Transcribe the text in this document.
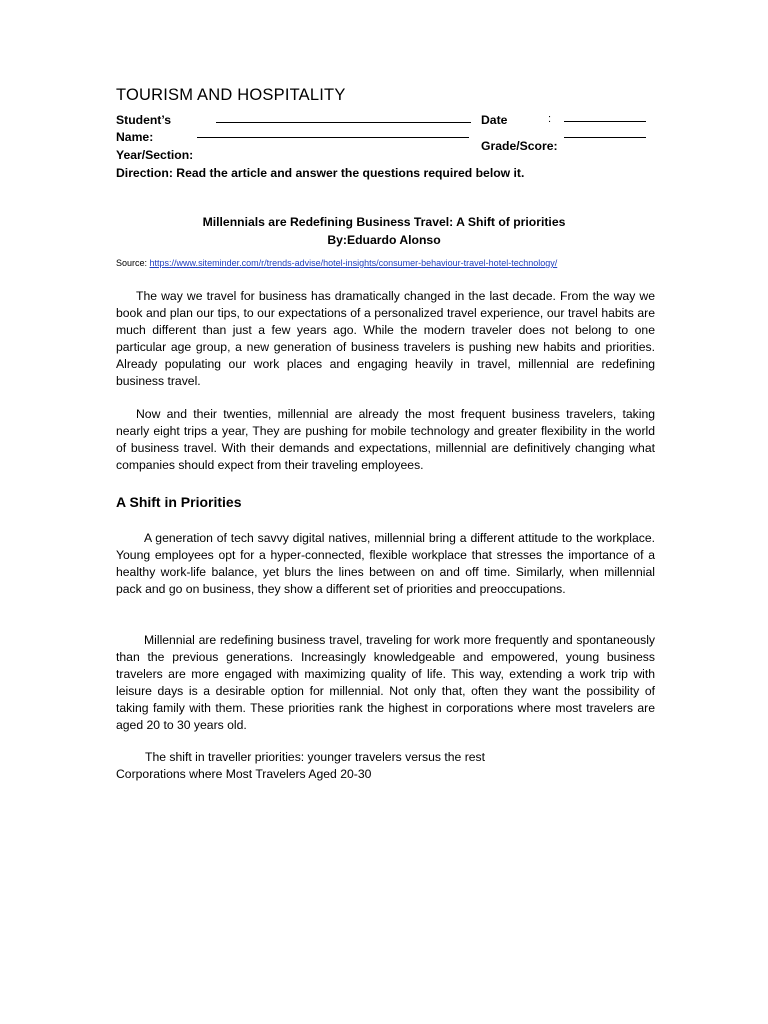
TOURISM AND HOSPITALITY
Student’s
Name:
Date	:
Year/Section:
Grade/Score:
Direction: Read the article and answer the questions required below it.
Millennials are Redefining Business Travel: A Shift of priorities
By:Eduardo Alonso
Source: https://www.siteminder.com/r/trends-advise/hotel-insights/consumer-behaviour-travel-hotel-technology/

The way we travel for business has dramatically changed in the last decade. From the way we book and plan our tips, to our expectations of a personalized travel experience, our travel habits are much different than just a few years ago. While the modern traveler does not belong to one particular age group, a new generation of business travelers is pushing new habits and priorities. Already populating our work places and engaging heavily in travel, millennial are redefining business travel.

Now and their twenties, millennial are already the most frequent business travelers, taking nearly eight trips a year, They are pushing for mobile technology and greater flexibility in the world of business travel. With their demands and expectations, millennial are definitively changing what companies should expect from their traveling employees.

A Shift in Priorities

A generation of tech savvy digital natives, millennial bring a different attitude to the workplace. Young employees opt for a hyper-connected, flexible workplace that stresses the importance of a healthy work-life balance, yet blurs the lines between on and off time. Similarly, when millennial pack and go on business, they show a different set of priorities and preoccupations.

Millennial are redefining business travel, traveling for work more frequently and spontaneously than the previous generations. Increasingly knowledgeable and empowered, young business travelers are more engaged with maximizing quality of life. This way, extending a work trip with leisure days is a desirable option for millennial. Not only that, often they want the possibility of taking family with them. These priorities rank the highest in corporations where most travelers are aged 20 to 30 years old.

The shift in traveller priorities: younger travelers versus the rest
Corporations where Most Travelers Aged 20-30
